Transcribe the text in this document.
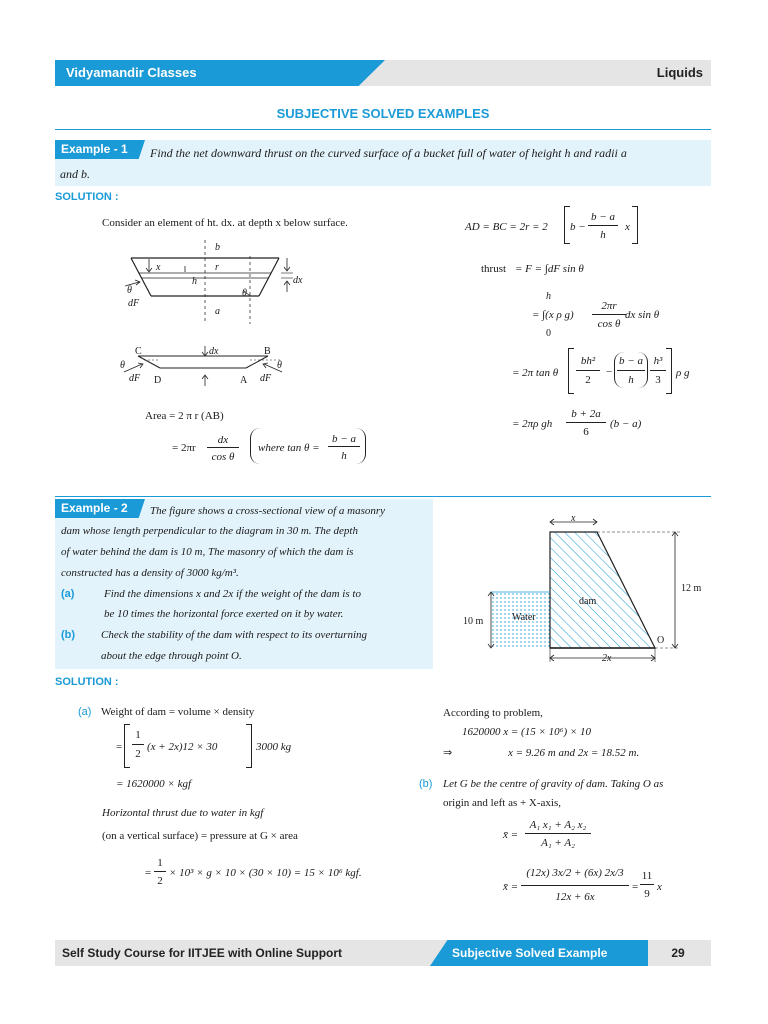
Vidyamandir Classes	Liquids
SUBJECTIVE SOLVED EXAMPLES
Example - 1 Find the net downward thrust on the curved surface of a bucket full of water of height h and radii a
and b.
SOLUTION :
Consider an element of ht. dx. at depth x below surface.
b
x	r
h
θ	θ
dF
a
dx
C	dx	B
θ	θ
dF D	A dF
Area = 2 π r (AB)
= 2πr
dx
cos θ
where tan θ =
b − a
h
AD = BC = 2r = 2 b −
b − a
h
x
thrust = F = ∫dF sin θ
h
= ∫(x ρ g)
0
2πr
cos θ
dx sin θ
= 2π tan θ
bh²
2
−
b − a
h
h³
3
ρ g
= 2πρ gh
b + 2a
6
(b − a)
Example - 2 The figure shows a cross-sectional view of a masonry
dam whose length perpendicular to the diagram in 30 m. The depth
of water behind the dam is 10 m, The masonry of which the dam is
constructed has a density of 3000 kg/m³.
(a)	Find the dimensions x and 2x if the weight of the dam is to
be 10 times the horizontal force exerted on it by water.
(b) Check the stability of the dam with respect to its overturning
about the edge through point O.
x
12 m
dam
Water
10 m
O
2x
SOLUTION :
(a) Weight of dam = volume × density
=
1
2
(x + 2x)12 × 30	3000 kg
= 1620000 × kgf
Horizontal thrust due to water in kgf
(on a vertical surface) = pressure at G × area
=
1
2
× 10³ × g × 10 × (30 × 10) = 15 × 10⁶ kgf.
According to problem,
1620000 x = (15 × 10⁶) × 10
⇒	x = 9.26 m and 2x = 18.52 m.
(b) Let G be the centre of gravity of dam. Taking O as
origin and left as + X-axis,
x̄ =
A₁ x₁ + A₂ x₂
A₁ + A₂
x̄ =
(12x) 3x/2 + (6x) 2x/3
12x + 6x
=
11
9
x
Self Study Course for IITJEE with Online Support	Subjective Solved Example	29
